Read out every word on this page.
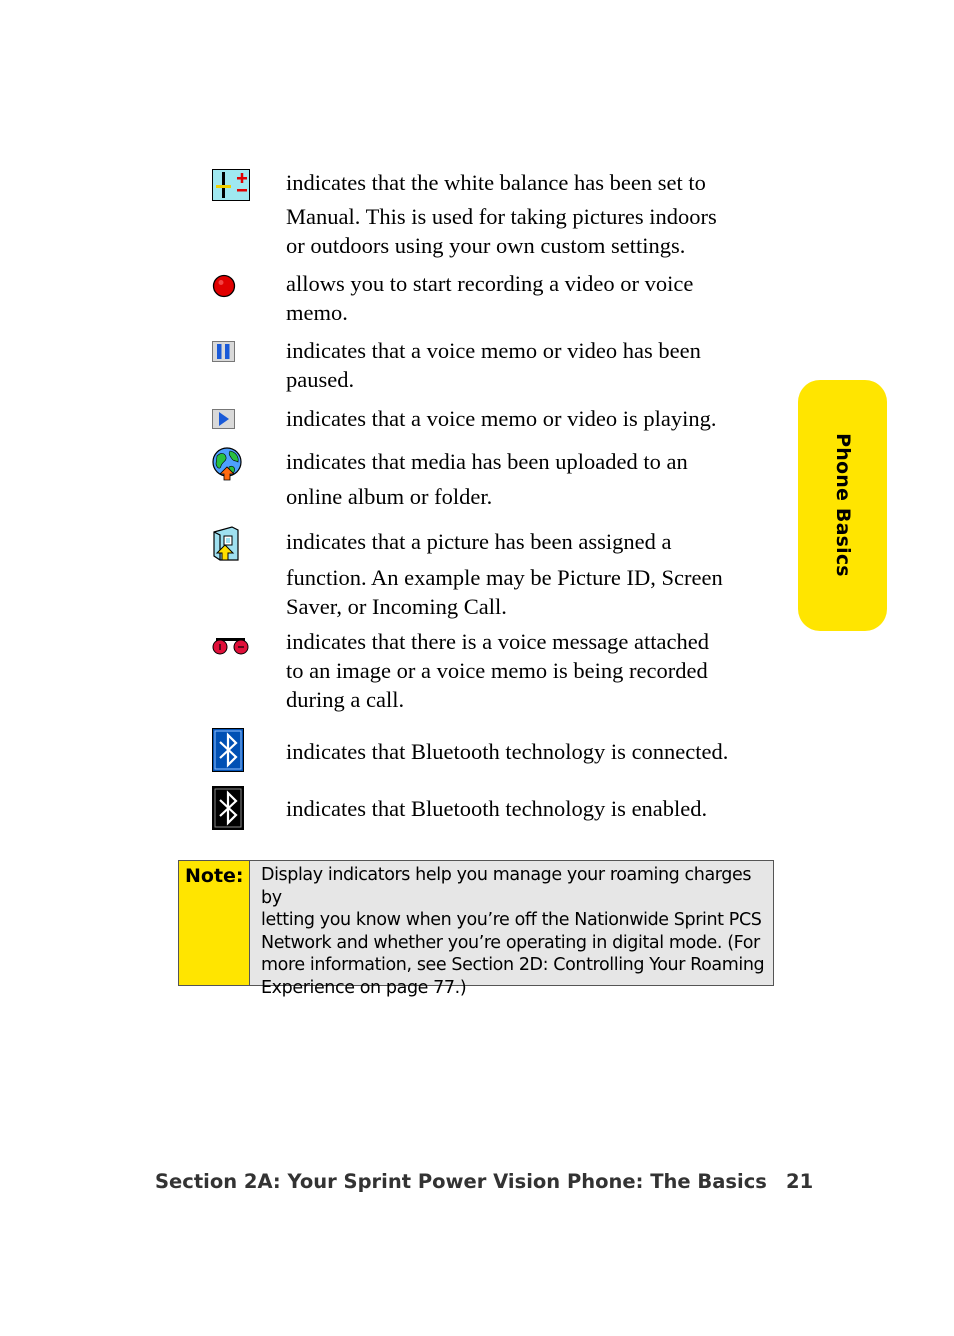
indicates that the white balance has been set to
Manual. This is used for taking pictures indoors
or outdoors using your own custom settings.
allows you to start recording a video or voice
memo.
indicates that a voice memo or video has been
paused.
indicates that a voice memo or video is playing.
indicates that media has been uploaded to an
online album or folder.
indicates that a picture has been assigned a
function. An example may be Picture ID, Screen
Saver, or Incoming Call.
indicates that there is a voice message attached
to an image or a voice memo is being recorded
during a call.
indicates that Bluetooth technology is connected.
indicates that Bluetooth technology is enabled.
Phone Basics
Note: Display indicators help you manage your roaming charges by
letting you know when you’re off the Nationwide Sprint PCS
Network and whether you’re operating in digital mode. (For
more information, see Section 2D: Controlling Your Roaming
Experience on page 77.)
Section 2A: Your Sprint Power Vision Phone: The Basics 21
